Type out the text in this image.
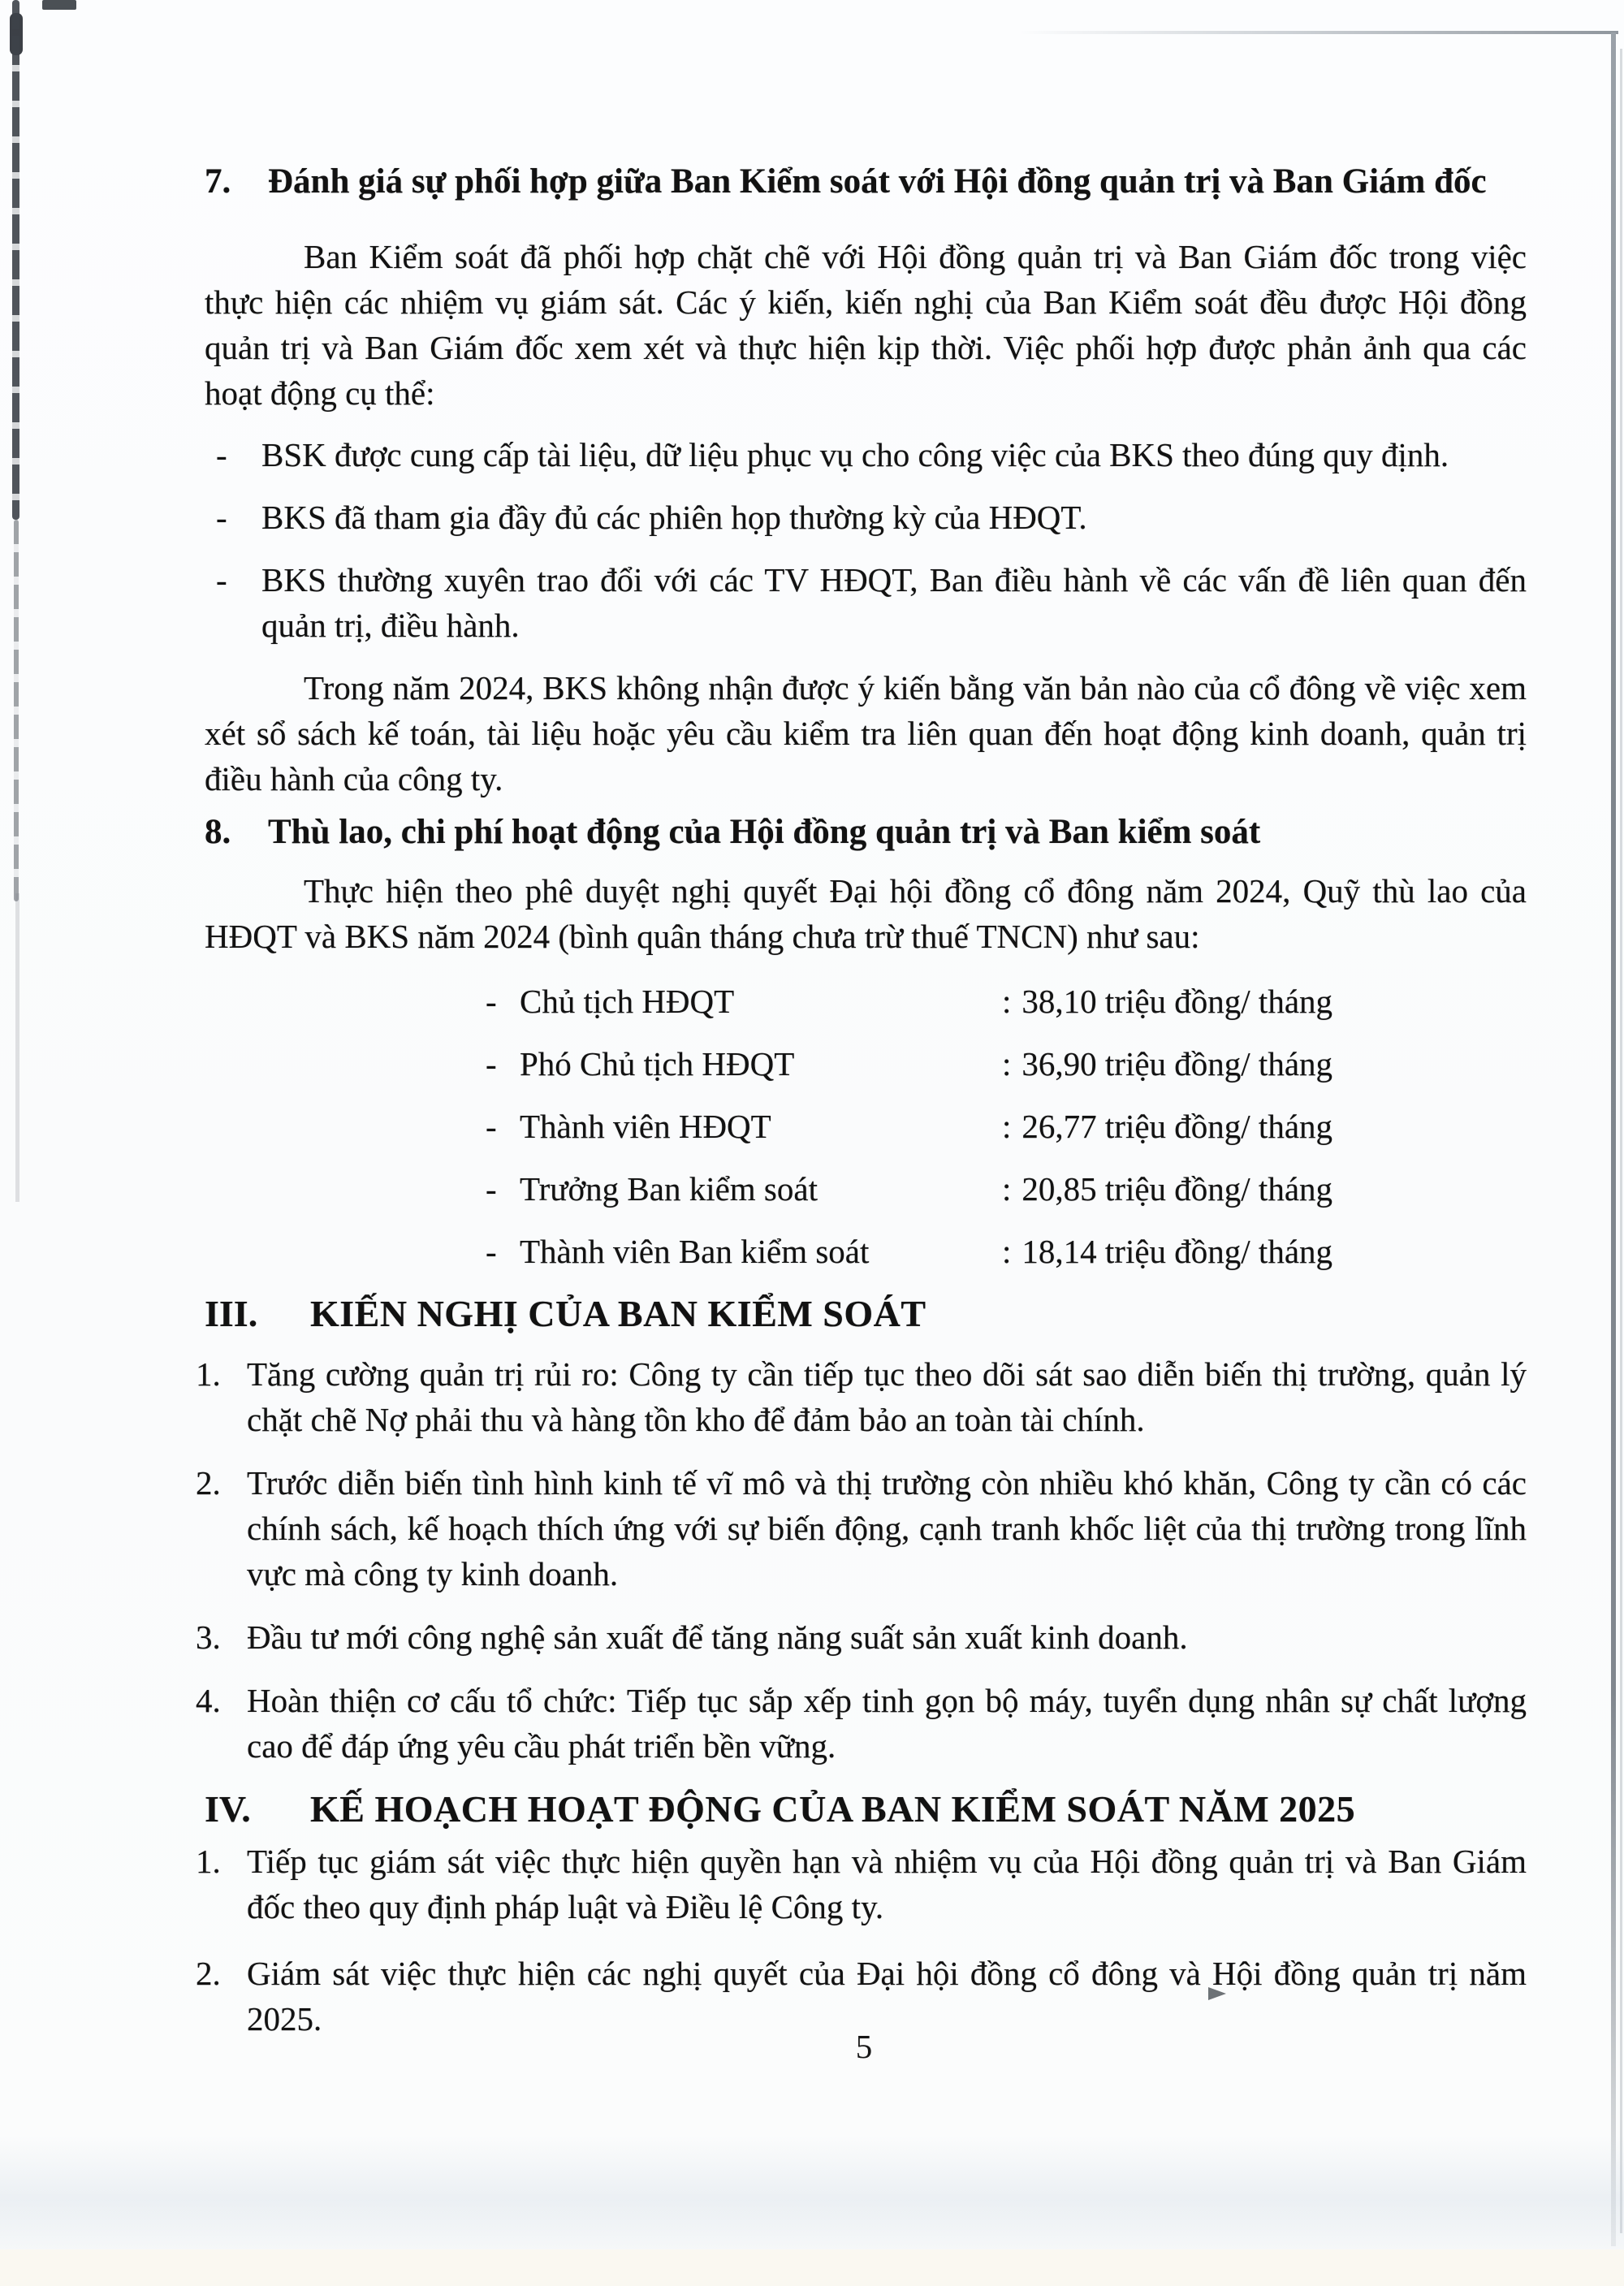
7.	Đánh giá sự phối hợp giữa Ban Kiểm soát với Hội đồng quản trị và Ban Giám đốc

Ban Kiểm soát đã phối hợp chặt chẽ với Hội đồng quản trị và Ban Giám đốc trong việc thực hiện các nhiệm vụ giám sát. Các ý kiến, kiến nghị của Ban Kiểm soát đều được Hội đồng quản trị và Ban Giám đốc xem xét và thực hiện kịp thời. Việc phối hợp được phản ảnh qua các hoạt động cụ thể:

- BSK được cung cấp tài liệu, dữ liệu phục vụ cho công việc của BKS theo đúng quy định.
- BKS đã tham gia đầy đủ các phiên họp thường kỳ của HĐQT.
- BKS thường xuyên trao đổi với các TV HĐQT, Ban điều hành về các vấn đề liên quan đến quản trị, điều hành.

Trong năm 2024, BKS không nhận được ý kiến bằng văn bản nào của cổ đông về việc xem xét sổ sách kế toán, tài liệu hoặc yêu cầu kiểm tra liên quan đến hoạt động kinh doanh, quản trị điều hành của công ty.

8.	Thù lao, chi phí hoạt động của Hội đồng quản trị và Ban kiểm soát

Thực hiện theo phê duyệt nghị quyết Đại hội đồng cổ đông năm 2024, Quỹ thù lao của HĐQT và BKS năm 2024 (bình quân tháng chưa trừ thuế TNCN) như sau:

- Chủ tịch HĐQT	: 38,10 triệu đồng/ tháng
- Phó Chủ tịch HĐQT	: 36,90 triệu đồng/ tháng
- Thành viên HĐQT	: 26,77 triệu đồng/ tháng
- Trưởng Ban kiểm soát	: 20,85 triệu đồng/ tháng
- Thành viên Ban kiểm soát	: 18,14 triệu đồng/ tháng
III.	KIẾN NGHỊ CỦA BAN KIỂM SOÁT
1. Tăng cường quản trị rủi ro: Công ty cần tiếp tục theo dõi sát sao diễn biến thị trường, quản lý chặt chẽ Nợ phải thu và hàng tồn kho để đảm bảo an toàn tài chính.
2. Trước diễn biến tình hình kinh tế vĩ mô và thị trường còn nhiều khó khăn, Công ty cần có các chính sách, kế hoạch thích ứng với sự biến động, cạnh tranh khốc liệt của thị trường trong lĩnh vực mà công ty kinh doanh.
3. Đầu tư mới công nghệ sản xuất để tăng năng suất sản xuất kinh doanh.
4. Hoàn thiện cơ cấu tổ chức: Tiếp tục sắp xếp tinh gọn bộ máy, tuyển dụng nhân sự chất lượng cao để đáp ứng yêu cầu phát triển bền vững.
IV.	KẾ HOẠCH HOẠT ĐỘNG CỦA BAN KIỂM SOÁT NĂM 2025
1. Tiếp tục giám sát việc thực hiện quyền hạn và nhiệm vụ của Hội đồng quản trị và Ban Giám đốc theo quy định pháp luật và Điều lệ Công ty.
2. Giám sát việc thực hiện các nghị quyết của Đại hội đồng cổ đông và Hội đồng quản trị năm 2025.
5
